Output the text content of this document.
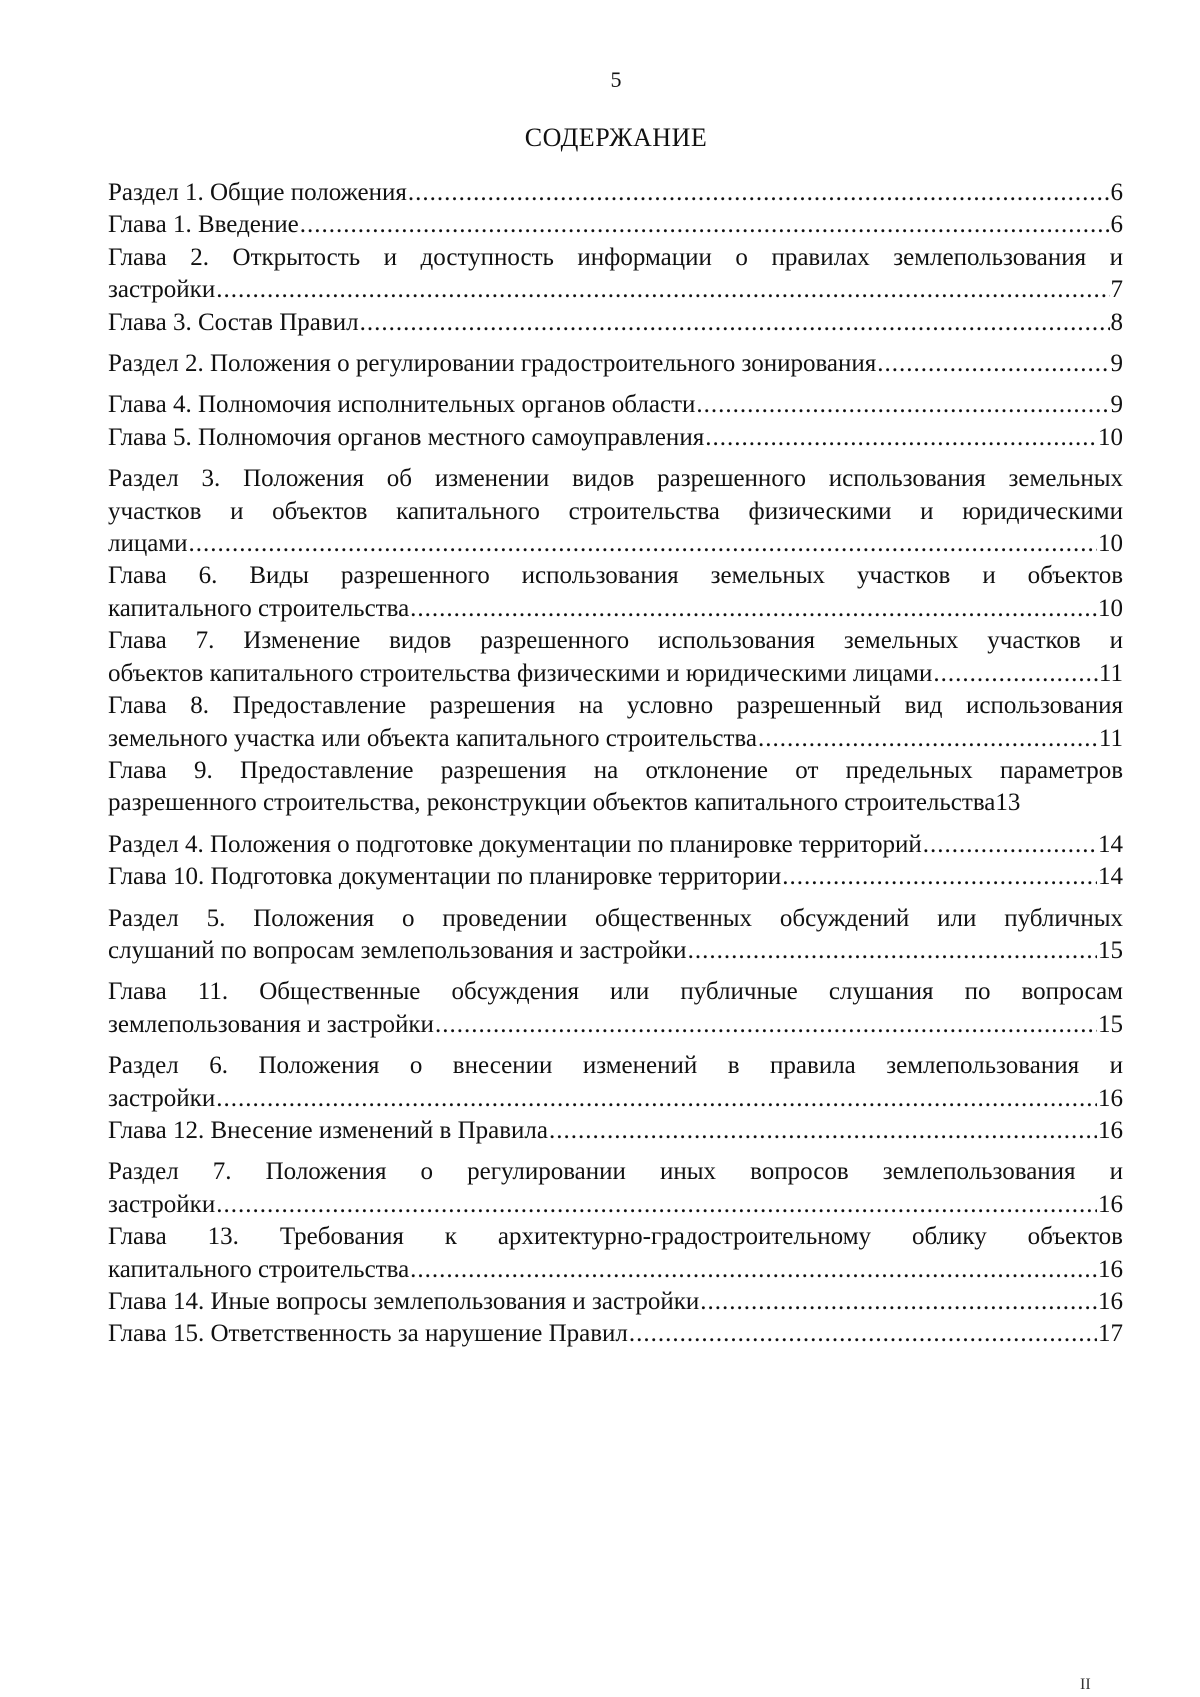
5
СОДЕРЖАНИЕ
Раздел 1. Общие положения .....	6
Глава 1. Введение .....	6
Глава 2. Открытость и доступность информации о правилах землепользования и
застройки .....	7
Глава 3. Состав Правил .....	8
Раздел 2. Положения о регулировании градостроительного зонирования .....	9
Глава 4. Полномочия исполнительных органов области .....	9
Глава 5. Полномочия органов местного самоуправления .....	10
Раздел 3. Положения об изменении видов разрешенного использования земельных
участков и объектов капитального строительства физическими и юридическими
лицами .....	10
Глава 6. Виды разрешенного использования земельных участков и объектов
капитального строительства .....	10
Глава 7. Изменение видов разрешенного использования земельных участков и
объектов капитального строительства физическими и юридическими лицами .....	11
Глава 8. Предоставление разрешения на условно разрешенный вид использования
земельного участка или объекта капитального строительства .....	11
Глава 9. Предоставление разрешения на отклонение от предельных параметров
разрешенного строительства, реконструкции объектов капитального строительства 13
Раздел 4. Положения о подготовке документации по планировке территорий .....	14
Глава 10. Подготовка документации по планировке территории .....	14
Раздел 5. Положения о проведении общественных обсуждений или публичных
слушаний по вопросам землепользования и застройки .....	15
Глава 11. Общественные обсуждения или публичные слушания по вопросам
землепользования и застройки .....	15
Раздел 6. Положения о внесении изменений в правила землепользования и
застройки .....	16
Глава 12. Внесение изменений в Правила .....	16
Раздел 7. Положения о регулировании иных вопросов землепользования и
застройки .....	16
Глава 13. Требования к архитектурно-градостроительному облику объектов
капитального строительства .....	16
Глава 14. Иные вопросы землепользования и застройки .....	16
Глава 15. Ответственность за нарушение Правил .....	17
II
